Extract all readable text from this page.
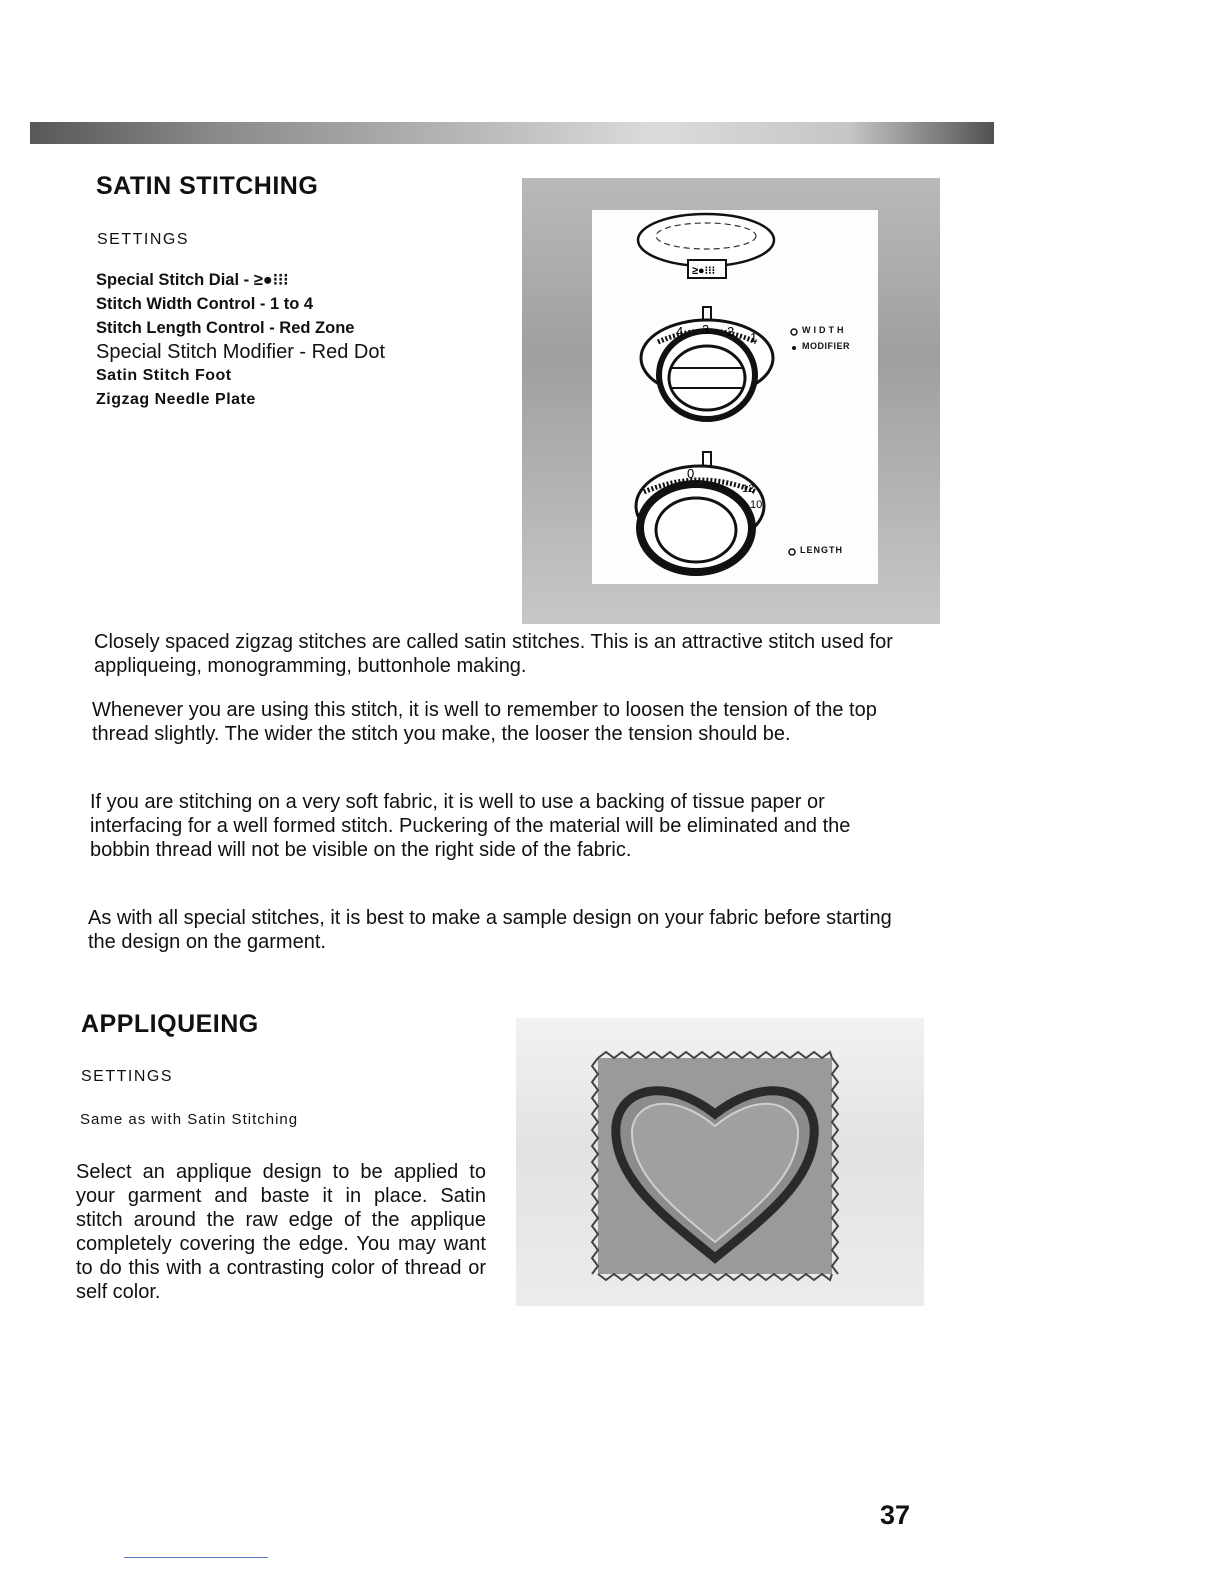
SATIN STITCHING
SETTINGS
Special Stitch Dial - ≥●⁝⁝⁝
Stitch Width Control - 1 to 4
Stitch Length Control - Red Zone
Special Stitch Modifier - Red Dot
Satin Stitch Foot
Zigzag Needle Plate
≥●⁝⁝⁝
4 3 2 1
0
12
10
WIDTH
MODIFIER
LENGTH

Closely spaced zigzag stitches are called satin stitches. This is an attractive stitch used for appliqueing, monogramming, buttonhole making.

Whenever you are using this stitch, it is well to remember to loosen the tension of the top thread slightly. The wider the stitch you make, the looser the tension should be.

If you are stitching on a very soft fabric, it is well to use a backing of tissue paper or interfacing for a well formed stitch. Puckering of the material will be eliminated and the bobbin thread will not be visible on the right side of the fabric.

As with all special stitches, it is best to make a sample design on your fabric before starting the design on the garment.

APPLIQUEING
SETTINGS
Same as with Satin Stitching

Select an applique design to be applied to your garment and baste it in place. Satin stitch around the raw edge of the applique completely covering the edge. You may want to do this with a contrasting color of thread or self color.

37
